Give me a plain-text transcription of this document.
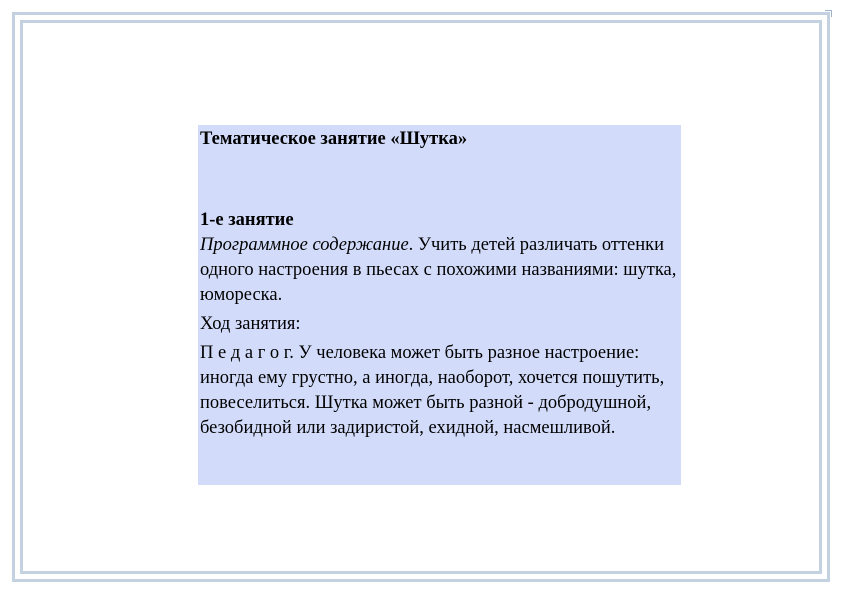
Тематическое занятие «Шутка»

1-е занятие

Программное содержание. Учить детей различать оттенки одного настроения в пьесах с похожими названиями: шутка, юмореска.

Ход занятия:

П е д а г о г. У человека может быть разное настроение: иногда ему грустно, а иногда, наоборот, хочется пошутить, повеселиться. Шутка может быть разной - добродушной, безобидной или задиристой, ехидной, насмешливой.
